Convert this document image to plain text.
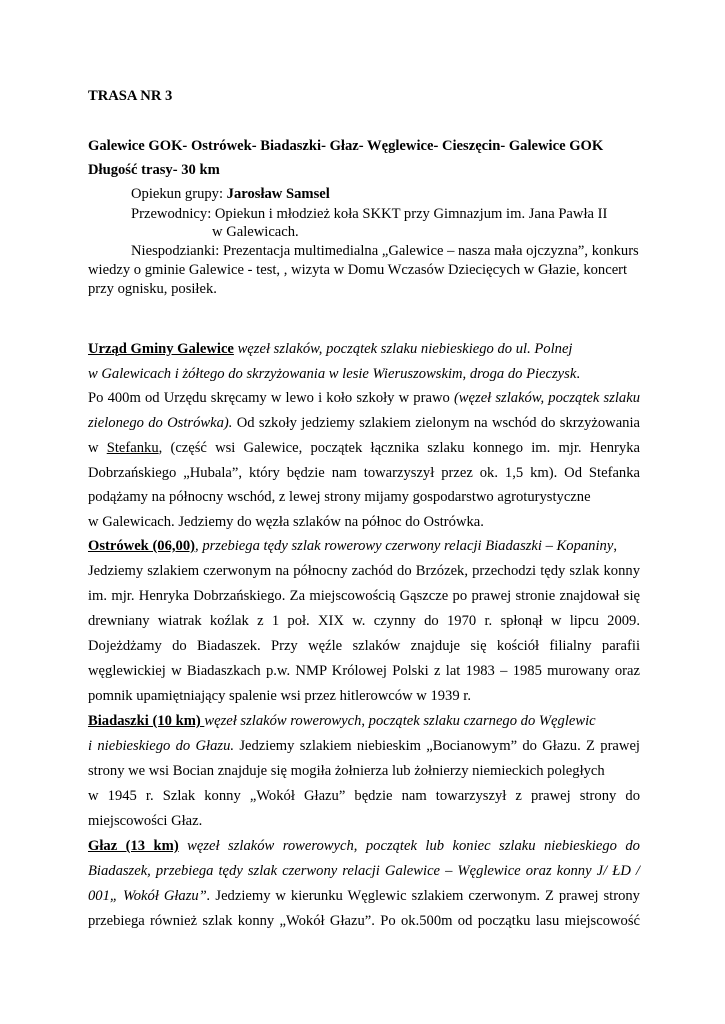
TRASA NR 3
Galewice GOK- Ostrówek- Biadaszki- Głaz- Węglewice- Cieszęcin- Galewice GOK
Długość trasy- 30 km
Opiekun grupy: Jarosław Samsel
Przewodnicy: Opiekun i młodzież koła SKKT przy Gimnazjum im. Jana Pawła II
w Galewicach.
Niespodzianki: Prezentacja multimedialna „Galewice – nasza mała ojczyzna”, konkurs
wiedzy o gminie Galewice - test, , wizyta w Domu Wczasów Dziecięcych w Głazie, koncert
przy ognisku, posiłek.
Urząd Gminy Galewice węzeł szlaków, początek szlaku niebieskiego do ul. Polnej
w Galewicach i żółtego do skrzyżowania w lesie Wieruszowskim, droga do Pieczysk.
Po 400m od Urzędu skręcamy w lewo i koło szkoły w prawo (węzeł szlaków, początek szlaku
zielonego do Ostrówka). Od szkoły jedziemy szlakiem zielonym na wschód do skrzyżowania
w Stefanku, (część wsi Galewice, początek łącznika szlaku konnego im. mjr. Henryka
Dobrzańskiego „Hubala”, który będzie nam towarzyszył przez ok. 1,5 km). Od Stefanka
podążamy na północny wschód, z lewej strony mijamy gospodarstwo agroturystyczne
w Galewicach. Jedziemy do węzła szlaków na północ do Ostrówka.
Ostrówek (06,00), przebiega tędy szlak rowerowy czerwony relacji Biadaszki – Kopaniny,
Jedziemy szlakiem czerwonym na północny zachód do Brzózek, przechodzi tędy szlak konny
im. mjr. Henryka Dobrzańskiego. Za miejscowością Gąszcze po prawej stronie znajdował się
drewniany wiatrak koźlak z 1 poł. XIX w. czynny do 1970 r. spłonął w lipcu 2009.
Dojeżdżamy do Biadaszek. Przy węźle szlaków znajduje się kościół filialny parafii
węglewickiej w Biadaszkach p.w. NMP Królowej Polski z lat 1983 – 1985 murowany oraz
pomnik upamiętniający spalenie wsi przez hitlerowców w 1939 r.
Biadaszki (10 km) węzeł szlaków rowerowych, początek szlaku czarnego do Węglewic
i niebieskiego do Głazu. Jedziemy szlakiem niebieskim „Bocianowym” do Głazu. Z prawej
strony we wsi Bocian znajduje się mogiła żołnierza lub żołnierzy niemieckich poległych
w 1945 r. Szlak konny „Wokół Głazu” będzie nam towarzyszył z prawej strony do
miejscowości Głaz.
Głaz (13 km) węzeł szlaków rowerowych, początek lub koniec szlaku niebieskiego do
Biadaszek, przebiega tędy szlak czerwony relacji Galewice – Węglewice oraz konny J/ ŁD /
001„ Wokół Głazu”. Jedziemy w kierunku Węglewic szlakiem czerwonym. Z prawej strony
przebiega również szlak konny „Wokół Głazu”. Po ok.500m od początku lasu miejscowość
